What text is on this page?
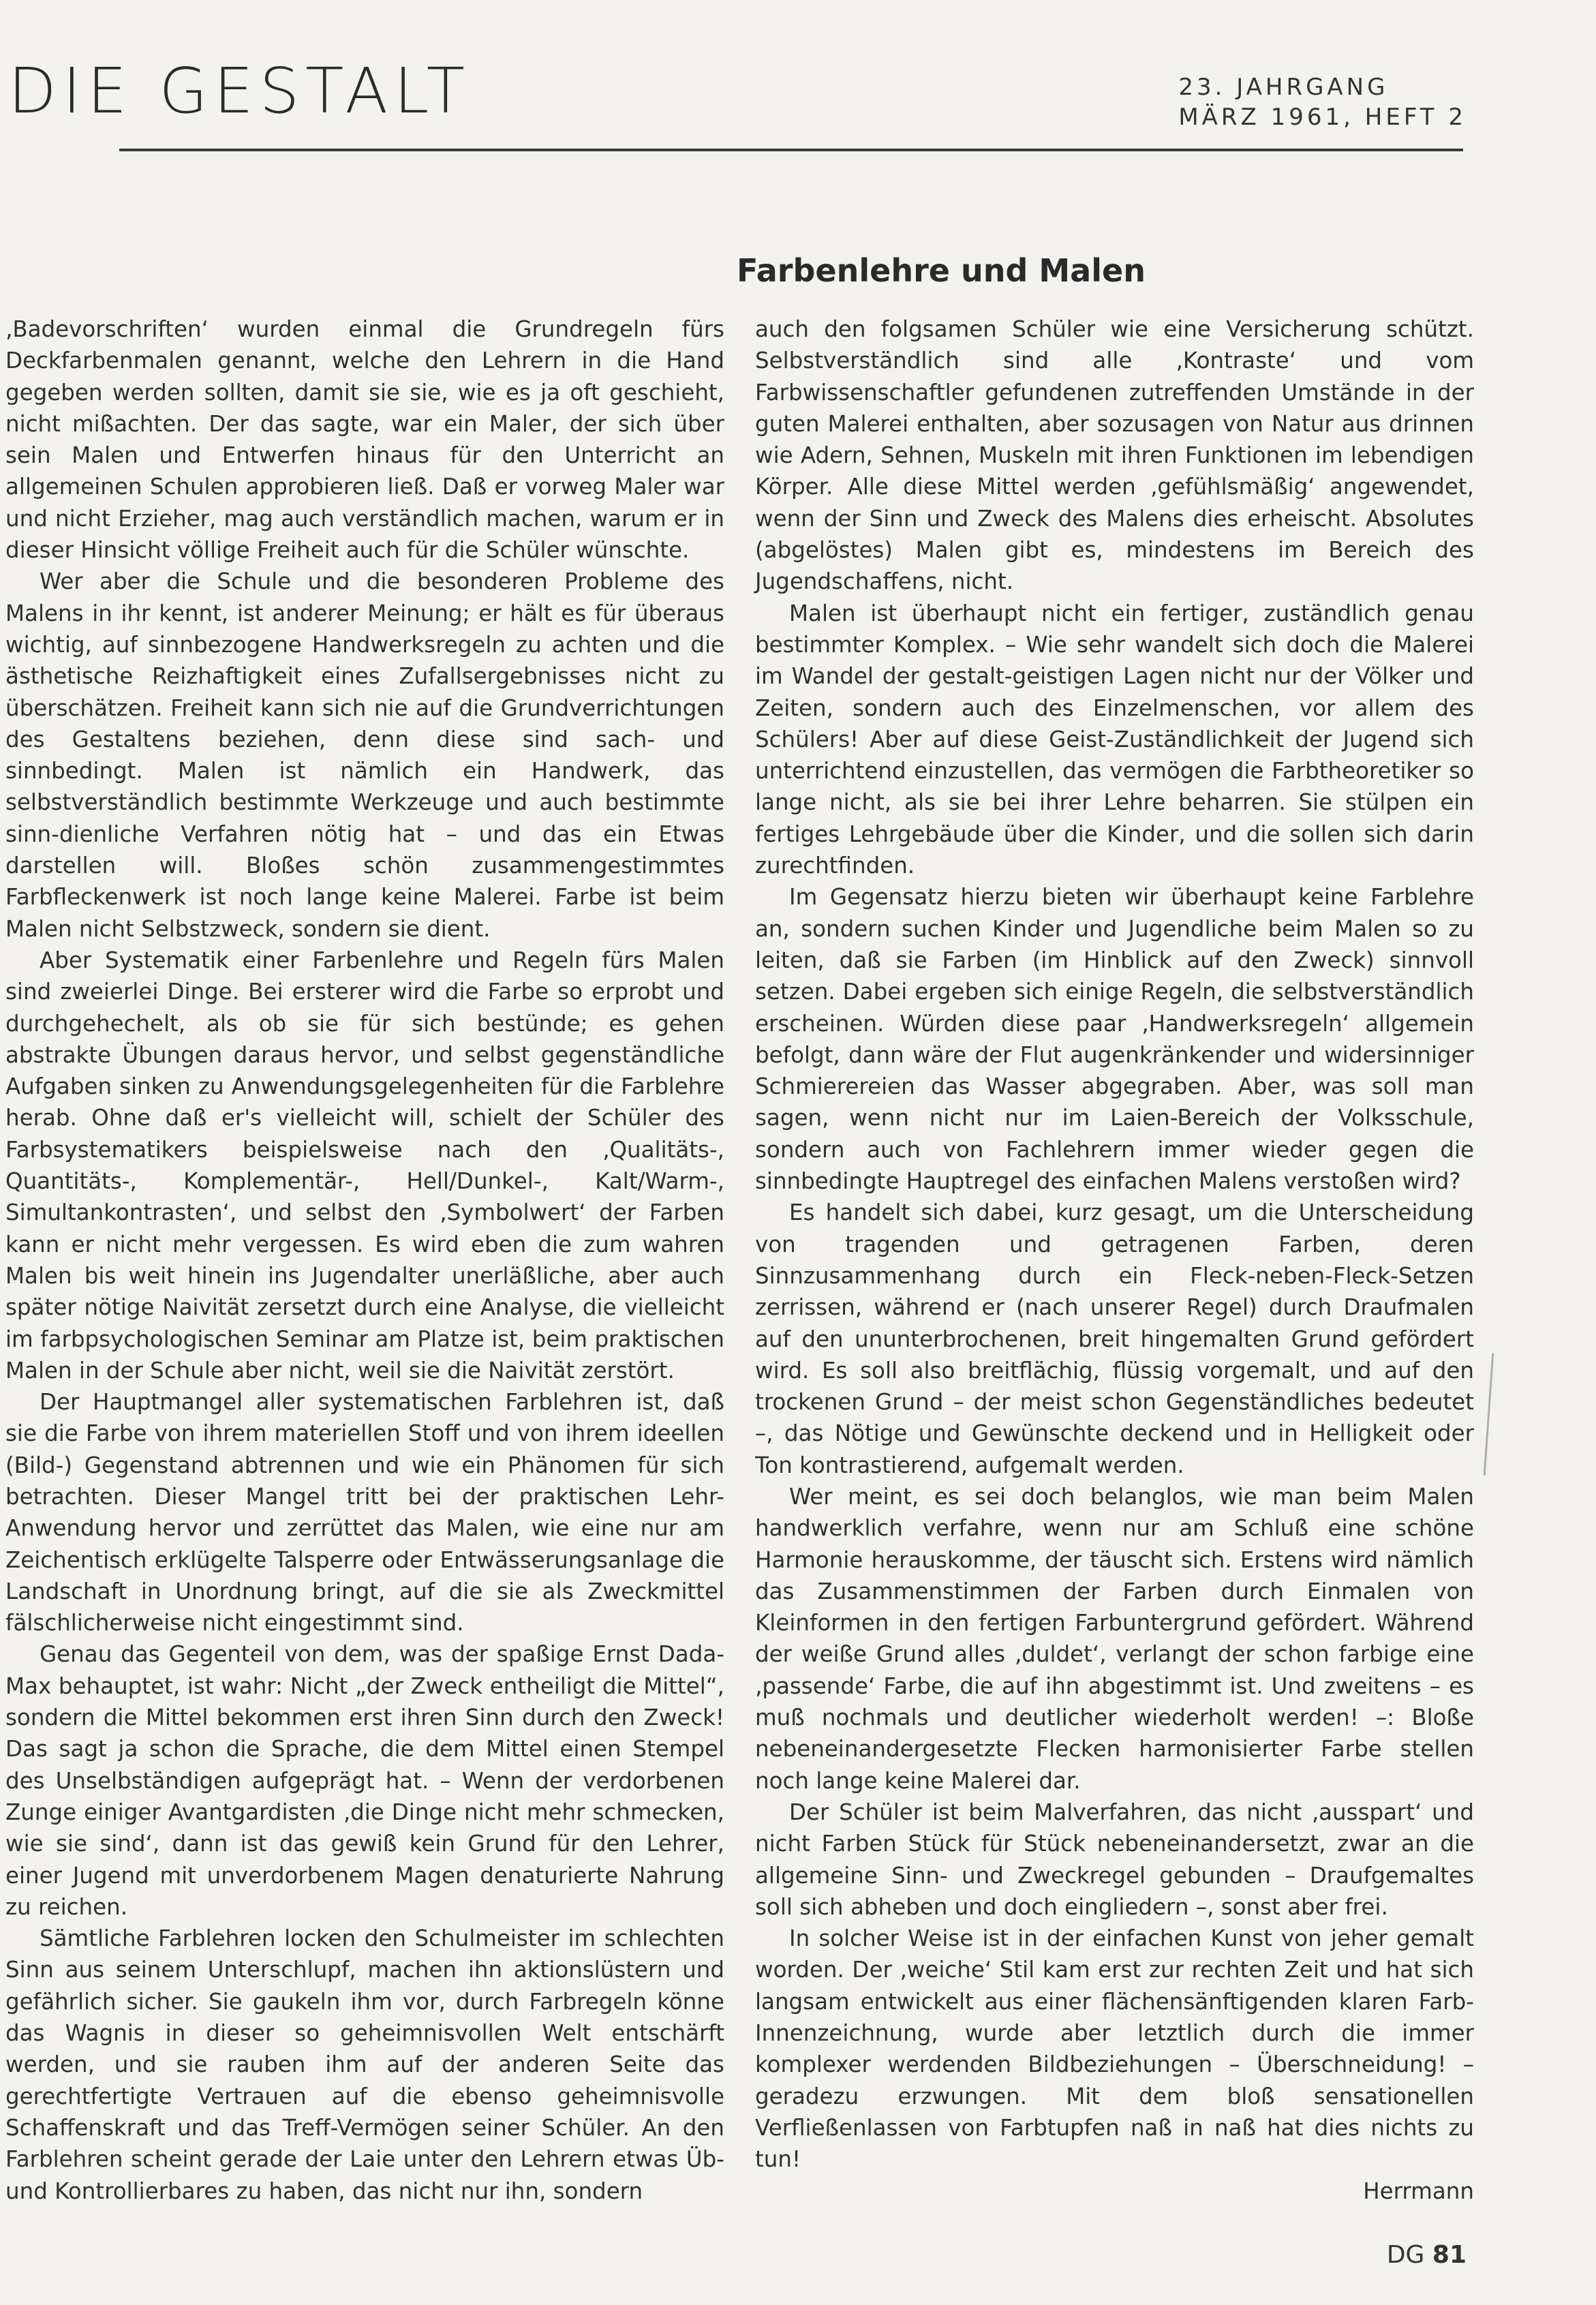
DIE GESTALT	23. JAHRGANG
MÄRZ 1961, HEFT 2
Farbenlehre und Malen

‚Badevorschriften‘ wurden einmal die Grundregeln fürs Deckfarbenmalen genannt, welche den Lehrern in die Hand gegeben werden sollten, damit sie sie, wie es ja oft geschieht, nicht mißachten. Der das sagte, war ein Maler, der sich über sein Malen und Entwerfen hinaus für den Unterricht an allgemeinen Schulen approbieren ließ. Daß er vorweg Maler war und nicht Erzieher, mag auch verständlich machen, warum er in dieser Hinsicht völlige Freiheit auch für die Schüler wünschte.

Wer aber die Schule und die besonderen Probleme des Malens in ihr kennt, ist anderer Meinung; er hält es für überaus wichtig, auf sinnbezogene Handwerksregeln zu achten und die ästhetische Reizhaftigkeit eines Zufallsergebnisses nicht zu überschätzen. Freiheit kann sich nie auf die Grundverrichtungen des Gestaltens beziehen, denn diese sind sach- und sinnbedingt. Malen ist nämlich ein Handwerk, das selbstverständlich bestimmte Werkzeuge und auch bestimmte sinn-dienliche Verfahren nötig hat – und das ein Etwas darstellen will. Bloßes schön zusammengestimmtes Farbfleckenwerk ist noch lange keine Malerei. Farbe ist beim Malen nicht Selbstzweck, sondern sie dient.

Aber Systematik einer Farbenlehre und Regeln fürs Malen sind zweierlei Dinge. Bei ersterer wird die Farbe so erprobt und durchgehechelt, als ob sie für sich bestünde; es gehen abstrakte Übungen daraus hervor, und selbst gegenständliche Aufgaben sinken zu Anwendungsgelegenheiten für die Farblehre herab. Ohne daß er's vielleicht will, schielt der Schüler des Farbsystematikers beispielsweise nach den ‚Qualitäts-, Quantitäts-, Komplementär-, Hell/Dunkel-, Kalt/Warm-, Simultankontrasten‘, und selbst den ‚Symbolwert‘ der Farben kann er nicht mehr vergessen. Es wird eben die zum wahren Malen bis weit hinein ins Jugendalter unerläßliche, aber auch später nötige Naivität zersetzt durch eine Analyse, die vielleicht im farbpsychologischen Seminar am Platze ist, beim praktischen Malen in der Schule aber nicht, weil sie die Naivität zerstört.

Der Hauptmangel aller systematischen Farblehren ist, daß sie die Farbe von ihrem materiellen Stoff und von ihrem ideellen (Bild-) Gegenstand abtrennen und wie ein Phänomen für sich betrachten. Dieser Mangel tritt bei der praktischen Lehr-Anwendung hervor und zerrüttet das Malen, wie eine nur am Zeichentisch erklügelte Talsperre oder Entwässerungsanlage die Landschaft in Unordnung bringt, auf die sie als Zweckmittel fälschlicherweise nicht eingestimmt sind.

Genau das Gegenteil von dem, was der spaßige Ernst Dada-Max behauptet, ist wahr: Nicht „der Zweck entheiligt die Mittel“, sondern die Mittel bekommen erst ihren Sinn durch den Zweck! Das sagt ja schon die Sprache, die dem Mittel einen Stempel des Unselbständigen aufgeprägt hat. – Wenn der verdorbenen Zunge einiger Avantgardisten ‚die Dinge nicht mehr schmecken, wie sie sind‘, dann ist das gewiß kein Grund für den Lehrer, einer Jugend mit unverdorbenem Magen denaturierte Nahrung zu reichen.

Sämtliche Farblehren locken den Schulmeister im schlechten Sinn aus seinem Unterschlupf, machen ihn aktionslüstern und gefährlich sicher. Sie gaukeln ihm vor, durch Farbregeln könne das Wagnis in dieser so geheimnisvollen Welt entschärft werden, und sie rauben ihm auf der anderen Seite das gerechtfertigte Vertrauen auf die ebenso geheimnisvolle Schaffenskraft und das Treff-Vermögen seiner Schüler. An den Farblehren scheint gerade der Laie unter den Lehrern etwas Üb- und Kontrollierbares zu haben, das nicht nur ihn, sondern

auch den folgsamen Schüler wie eine Versicherung schützt. Selbstverständlich sind alle ‚Kontraste‘ und vom Farbwissenschaftler gefundenen zutreffenden Umstände in der guten Malerei enthalten, aber sozusagen von Natur aus drinnen wie Adern, Sehnen, Muskeln mit ihren Funktionen im lebendigen Körper. Alle diese Mittel werden ‚gefühlsmäßig‘ angewendet, wenn der Sinn und Zweck des Malens dies erheischt. Absolutes (abgelöstes) Malen gibt es, mindestens im Bereich des Jugendschaffens, nicht.

Malen ist überhaupt nicht ein fertiger, zuständlich genau bestimmter Komplex. – Wie sehr wandelt sich doch die Malerei im Wandel der gestalt-geistigen Lagen nicht nur der Völker und Zeiten, sondern auch des Einzelmenschen, vor allem des Schülers! Aber auf diese Geist-Zuständlichkeit der Jugend sich unterrichtend einzustellen, das vermögen die Farbtheoretiker so lange nicht, als sie bei ihrer Lehre beharren. Sie stülpen ein fertiges Lehrgebäude über die Kinder, und die sollen sich darin zurechtfinden.

Im Gegensatz hierzu bieten wir überhaupt keine Farblehre an, sondern suchen Kinder und Jugendliche beim Malen so zu leiten, daß sie Farben (im Hinblick auf den Zweck) sinnvoll setzen. Dabei ergeben sich einige Regeln, die selbstverständlich erscheinen. Würden diese paar ‚Handwerksregeln‘ allgemein befolgt, dann wäre der Flut augenkränkender und widersinniger Schmierereien das Wasser abgegraben. Aber, was soll man sagen, wenn nicht nur im Laien-Bereich der Volksschule, sondern auch von Fachlehrern immer wieder gegen die sinnbedingte Hauptregel des einfachen Malens verstoßen wird?

Es handelt sich dabei, kurz gesagt, um die Unterscheidung von tragenden und getragenen Farben, deren Sinnzusammenhang durch ein Fleck-neben-Fleck-Setzen zerrissen, während er (nach unserer Regel) durch Draufmalen auf den ununterbrochenen, breit hingemalten Grund gefördert wird. Es soll also breitflächig, flüssig vorgemalt, und auf den trockenen Grund – der meist schon Gegenständliches bedeutet –, das Nötige und Gewünschte deckend und in Helligkeit oder Ton kontrastierend, aufgemalt werden.

Wer meint, es sei doch belanglos, wie man beim Malen handwerklich verfahre, wenn nur am Schluß eine schöne Harmonie herauskomme, der täuscht sich. Erstens wird nämlich das Zusammenstimmen der Farben durch Einmalen von Kleinformen in den fertigen Farbuntergrund gefördert. Während der weiße Grund alles ‚duldet‘, verlangt der schon farbige eine ‚passende‘ Farbe, die auf ihn abgestimmt ist. Und zweitens – es muß nochmals und deutlicher wiederholt werden! –: Bloße nebeneinandergesetzte Flecken harmonisierter Farbe stellen noch lange keine Malerei dar.

Der Schüler ist beim Malverfahren, das nicht ‚ausspart‘ und nicht Farben Stück für Stück nebeneinandersetzt, zwar an die allgemeine Sinn- und Zweckregel gebunden – Draufgemaltes soll sich abheben und doch eingliedern –, sonst aber frei.

In solcher Weise ist in der einfachen Kunst von jeher gemalt worden. Der ‚weiche‘ Stil kam erst zur rechten Zeit und hat sich langsam entwickelt aus einer flächensänftigenden klaren Farb-Innenzeichnung, wurde aber letztlich durch die immer komplexer werdenden Bildbeziehungen – Überschneidung! – geradezu erzwungen. Mit dem bloß sensationellen Verfließenlassen von Farbtupfen naß in naß hat dies nichts zu tun!

Herrmann

DG 81
